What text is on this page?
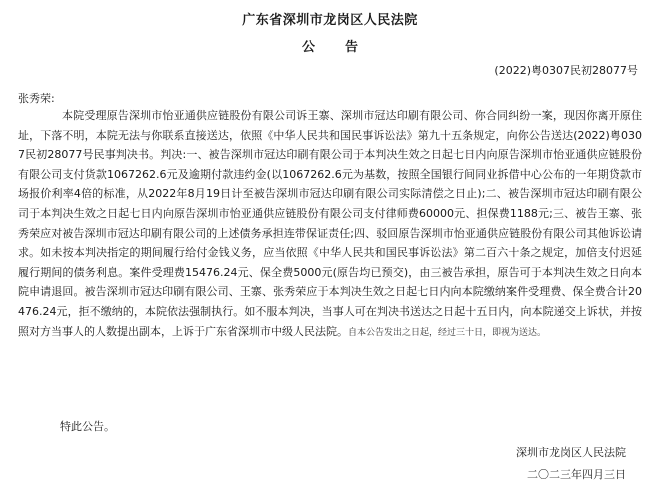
广东省深圳市龙岗区人民法院
公告
(2022)粤0307民初28077号
张秀荣:

本院受理原告深圳市怡亚通供应链股份有限公司诉王寨、深圳市冠达印刷有限公司、你合同纠纷一案，现因你离开原住址，下落不明，本院无法与你联系直接送达，依照《中华人民共和国民事诉讼法》第九十五条规定，向你公告送达(2022)粤0307民初28077号民事判决书。判决:一、被告深圳市冠达印刷有限公司于本判决生效之日起七日内向原告深圳市怡亚通供应链股份有限公司支付货款1067262.6元及逾期付款违约金(以1067262.6元为基数，按照全国银行间同业拆借中心公布的一年期贷款市场报价利率4倍的标准，从2022年8月19日计至被告深圳市冠达印刷有限公司实际清偿之日止);二、被告深圳市冠达印刷有限公司于本判决生效之日起七日内向原告深圳市怡亚通供应链股份有限公司支付律师费60000元、担保费1188元;三、被告王寨、张秀荣应对被告深圳市冠达印刷有限公司的上述债务承担连带保证责任;四、驳回原告深圳市怡亚通供应链股份有限公司其他诉讼请求。如未按本判决指定的期间履行给付金钱义务，应当依照《中华人民共和国民事诉讼法》第二百六十条之规定，加倍支付迟延履行期间的债务利息。案件受理费15476.24元、保全费5000元(原告均已预交)，由三被告承担，原告可于本判决生效之日向本院申请退回。被告深圳市冠达印刷有限公司、王寨、张秀荣应于本判决生效之日起七日内向本院缴纳案件受理费、保全费合计20476.24元，拒不缴纳的，本院依法强制执行。如不服本判决，当事人可在判决书送达之日起十五日内，向本院递交上诉状，并按照对方当事人的人数提出副本，上诉于广东省深圳市中级人民法院。自本公告发出之日起，经过三十日，即视为送达。

特此公告。
深圳市龙岗区人民法院
二〇二三年四月三日
